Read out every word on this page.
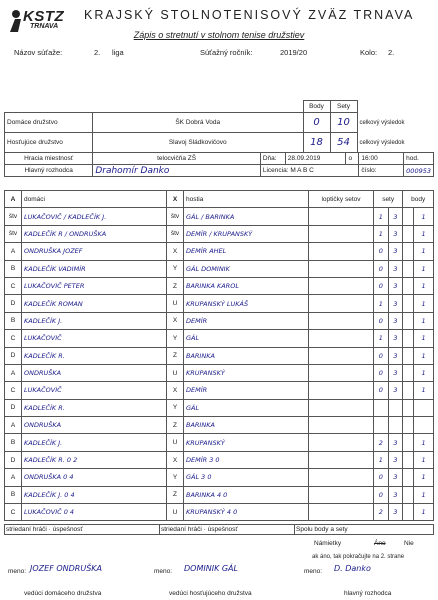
KSTZ
TRNAVA
KRAJSKÝ STOLNOTENISOVÝ ZVÄZ TRNAVA
Zápis o stretnutí v stolnom tenise družstiev
Názov súťaže:	2. liga	Súťažný ročník:	2019/20	Kolo: 2.
		Body	Sety	
Domáce družstvo	ŠK Dobrá Voda	0	10	celkový výsledok
Hosťujúce družstvo	Slavoj Sládkovičovo	18	54	celkový výsledok
Hracia miestnosť	telocvičňa ZŠ	Dňa:	28.09.2019	o	16:00	hod.
Hlavný rozhodca	Drahomír Danko	Licencia: M A B C			číslo:	000953
A	domáci	X	hostia	loptičky setov	sety		body	
štv	LUKAČOVIČ / KADLEČÍK J.	štv	GÁL / BARINKA		1	3		1
štv	KADLEČÍK R / ONDRUŠKA	štv	DEMÍR / KRUPANSKÝ		1	3		1
A	ONDRUŠKA JOZEF	X	DEMÍR AHEL		0	3		1
B	KADLEČÍK VADIMÍR	Y	GÁL DOMINIK		0	3		1
C	LUKAČOVIČ PETER	Z	BARINKA KAROL		0	3		1
D	KADLEČÍK ROMAN	U	KRUPANSKÝ LUKÁŠ		1	3		1
B	KADLEČÍK J.	X	DEMÍR		0	3		1
C	LUKAČOVIČ	Y	GÁL		1	3		1
D	KADLEČÍK R.	Z	BARINKA		0	3		1
A	ONDRUŠKA	U	KRUPANSKÝ		0	3		1
C	LUKAČOVIČ	X	DEMÍR		0	3		1
D	KADLEČÍK R.	Y	GÁL					
A	ONDRUŠKA	Z	BARINKA					
B	KADLEČÍK J.	U	KRUPANSKÝ		2	3		1
D	KADLEČÍK R. 0 2	X	DEMÍR 3 0		1	3		1
A	ONDRUŠKA 0 4	Y	GÁL 3 0		0	3		1
B	KADLEČÍK J. 0 4	Z	BARINKA 4 0		0	3		1
C	LUKAČOVIČ 0 4	U	KRUPANSKÝ 4 0		2	3		1
striedaní hráči · úspešnosť	striedaní hráči · úspešnosť	Spolu body a sety
Námietky	Áno	Nie
ak áno, tak pokračujte na 2. strane
meno: JOZEF ONDRUŠKA	meno: DOMINIK GÁL	meno: D. Danko
vedúci domáceho družstva	vedúci hosťujúceho družstva	hlavný rozhodca
